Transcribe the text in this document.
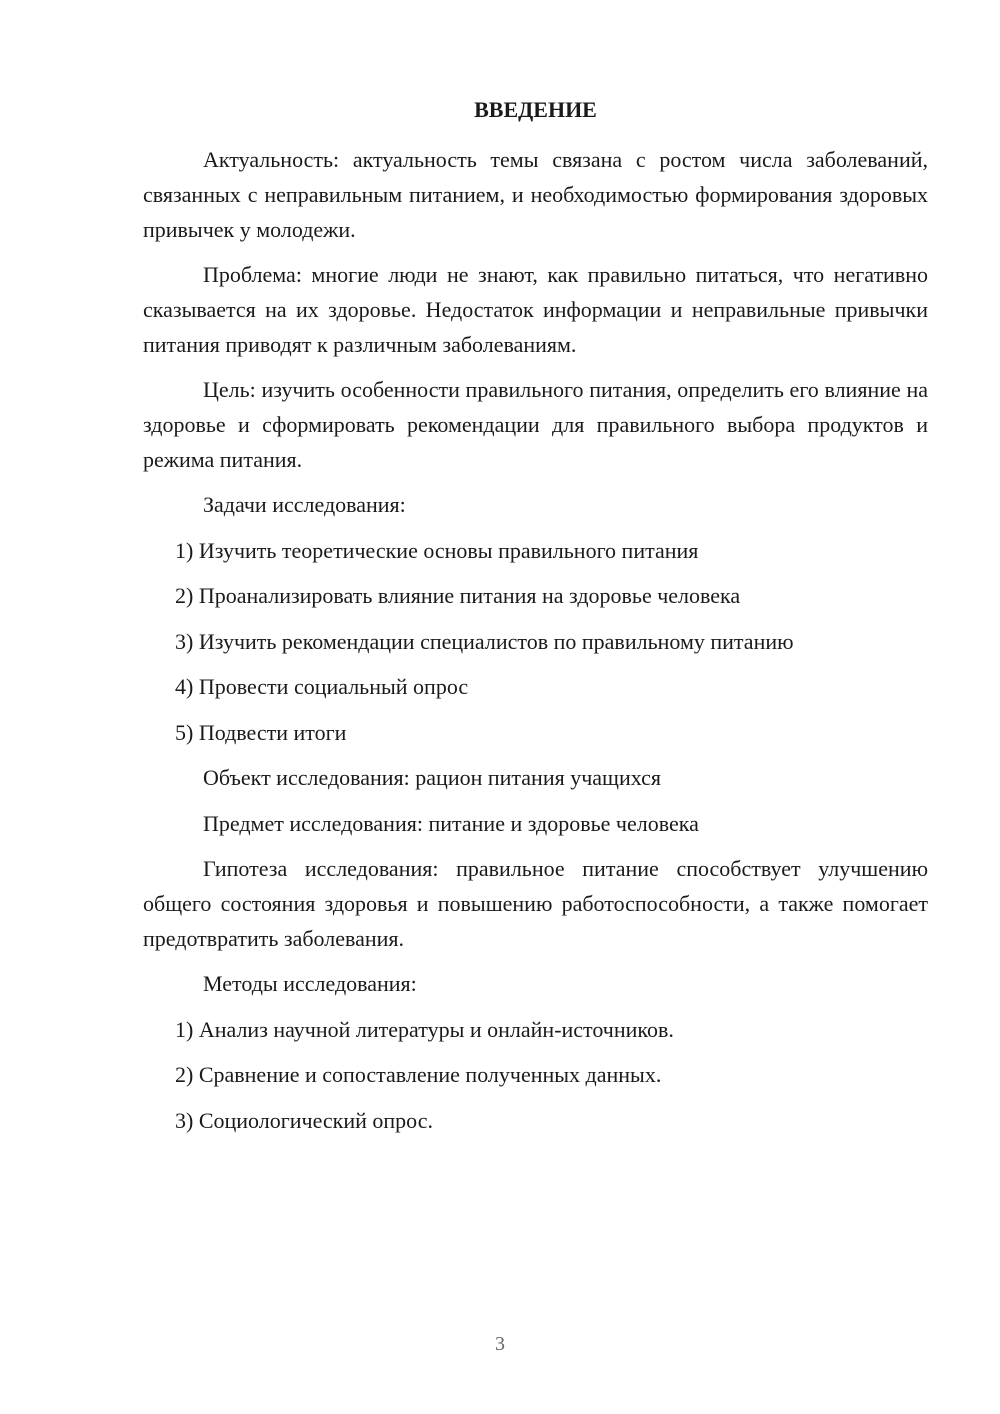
ВВЕДЕНИЕ

Актуальность: актуальность темы связана с ростом числа заболеваний, связанных с неправильным питанием, и необходимостью формирования здоровых привычек у молодежи.

Проблема: многие люди не знают, как правильно питаться, что негативно сказывается на их здоровье. Недостаток информации и неправильные привычки питания приводят к различным заболеваниям.

Цель: изучить особенности правильного питания, определить его влияние на здоровье и сформировать рекомендации для правильного выбора продуктов и режима питания.

Задачи исследования:

1) Изучить теоретические основы правильного питания

2) Проанализировать влияние питания на здоровье человека

3) Изучить рекомендации специалистов по правильному питанию

4) Провести социальный опрос

5) Подвести итоги

Объект исследования: рацион питания учащихся

Предмет исследования: питание и здоровье человека

Гипотеза исследования: правильное питание способствует улучшению общего состояния здоровья и повышению работоспособности, а также помогает предотвратить заболевания.

Методы исследования:

1) Анализ научной литературы и онлайн-источников.

2) Сравнение и сопоставление полученных данных.

3) Социологический опрос.

3
